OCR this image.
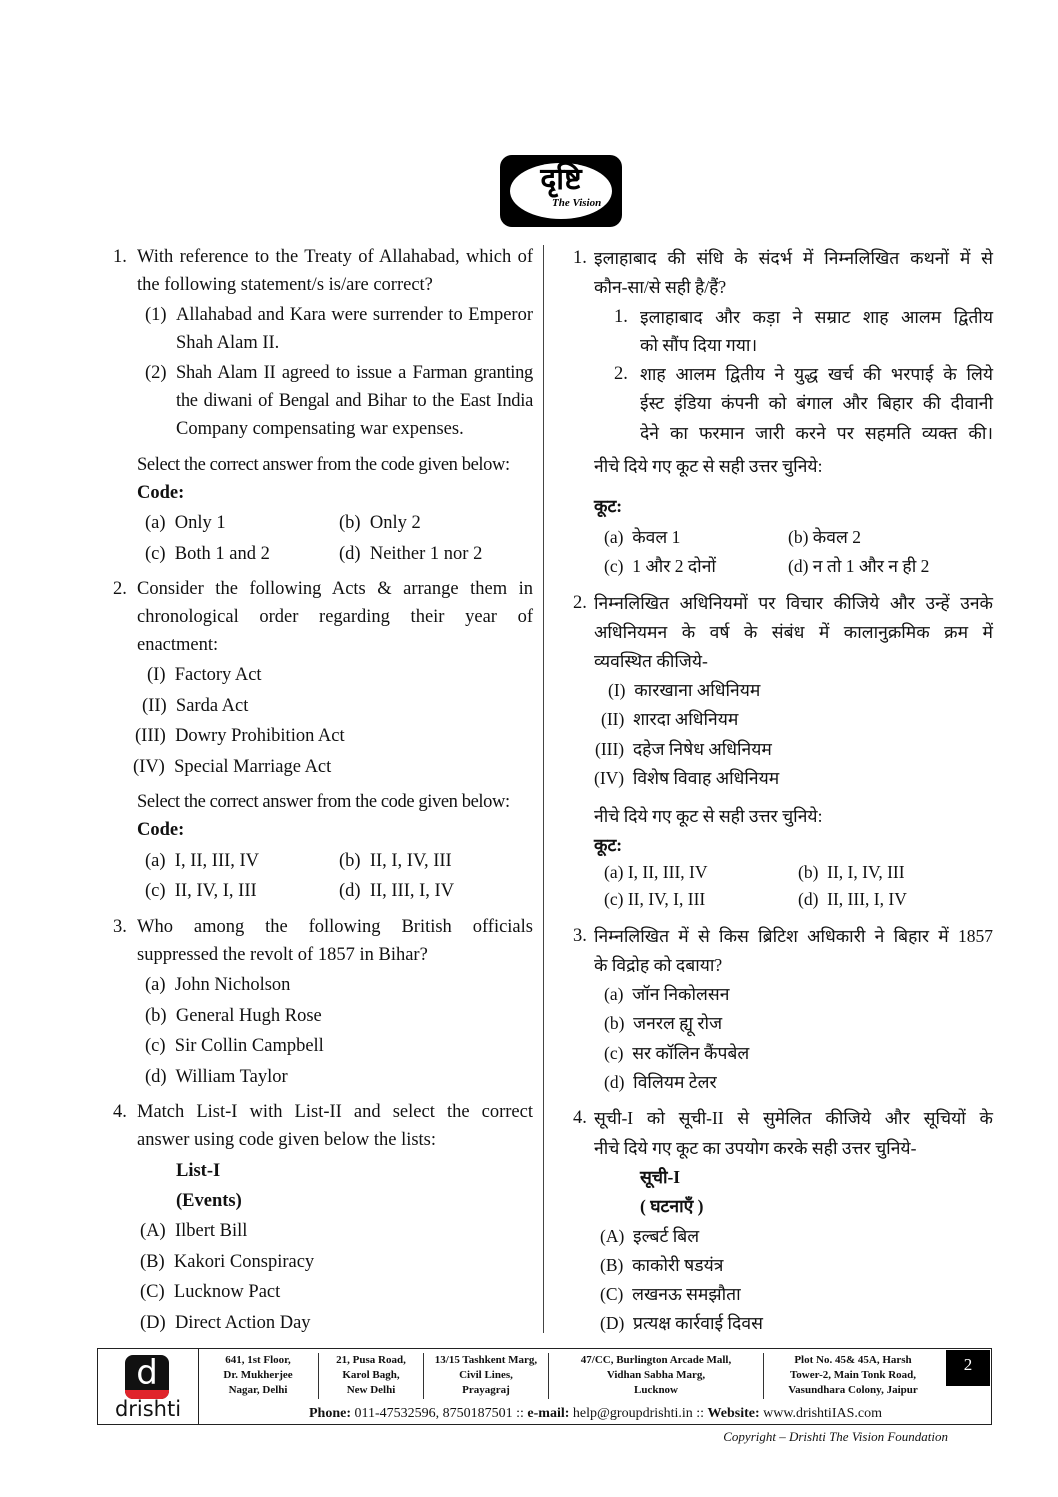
दृष्टि
The Vision
1. With reference to the Treaty of Allahabad, which of
the following statement/s is/are correct?
(1) Allahabad and Kara were surrender to Emperor
Shah Alam II.
(2) Shah Alam II agreed to issue a Farman granting
the diwani of Bengal and Bihar to the East India
Company compensating war expenses.
Select the correct answer from the code given below:
Code:
(a) Only 1	(b) Only 2
(c) Both 1 and 2	(d) Neither 1 nor 2
2. Consider the following Acts & arrange them in
chronological order regarding their year of
enactment:
(I) Factory Act
(II) Sarda Act
(III) Dowry Prohibition Act
(IV) Special Marriage Act
Select the correct answer from the code given below:
Code:
(a) I, II, III, IV	(b) II, I, IV, III
(c) II, IV, I, III	(d) II, III, I, IV
3. Who among the following British officials
suppressed the revolt of 1857 in Bihar?
(a) John Nicholson
(b) General Hugh Rose
(c) Sir Collin Campbell
(d) William Taylor
4. Match List-I with List-II and select the correct
answer using code given below the lists:
List-I
(Events)
(A) Ilbert Bill
(B) Kakori Conspiracy
(C) Lucknow Pact
(D) Direct Action Day
1. इलाहाबाद की संधि के संदर्भ में निम्नलिखित कथनों में से
कौन-सा/से सही है/हैं?
1. इलाहाबाद और कड़ा ने सम्राट शाह आलम द्वितीय
को सौंप दिया गया।
2. शाह आलम द्वितीय ने युद्ध खर्च की भरपाई के लिये
ईस्ट इंडिया कंपनी को बंगाल और बिहार की दीवानी
देने का फरमान जारी करने पर सहमति व्यक्त की।
नीचे दिये गए कूट से सही उत्तर चुनिये:
कूट:
(a) केवल 1	(b) केवल 2
(c) 1 और 2 दोनों	(d) न तो 1 और न ही 2
2. निम्नलिखित अधिनियमों पर विचार कीजिये और उन्हें उनके
अधिनियमन के वर्ष के संबंध में कालानुक्रमिक क्रम में
व्यवस्थित कीजिये-
(I) कारखाना अधिनियम
(II) शारदा अधिनियम
(III) दहेज निषेध अधिनियम
(IV) विशेष विवाह अधिनियम
नीचे दिये गए कूट से सही उत्तर चुनिये:
कूट:
(a) I, II, III, IV	(b) II, I, IV, III
(c) II, IV, I, III	(d) II, III, I, IV
3. निम्नलिखित में से किस ब्रिटिश अधिकारी ने बिहार में 1857
के विद्रोह को दबाया?
(a) जॉन निकोलसन
(b) जनरल ह्यू रोज
(c) सर कॉलिन कैंपबेल
(d) विलियम टेलर
4. सूची-I को सूची-II से सुमेलित कीजिये और सूचियों के
नीचे दिये गए कूट का उपयोग करके सही उत्तर चुनिये-
सूची-I
( घटनाएँ )
(A) इल्बर्ट बिल
(B) काकोरी षडयंत्र
(C) लखनऊ समझौता
(D) प्रत्यक्ष कार्रवाई दिवस
d
drishti
641, 1st Floor,
Dr. Mukherjee
Nagar, Delhi
21, Pusa Road,
Karol Bagh,
New Delhi
13/15 Tashkent Marg,
Civil Lines,
Prayagraj
47/CC, Burlington Arcade Mall,
Vidhan Sabha Marg,
Lucknow
Plot No. 45& 45A, Harsh
Tower-2, Main Tonk Road,
Vasundhara Colony, Jaipur
Phone: 011-47532596, 8750187501 :: e-mail: help@groupdrishti.in :: Website: www.drishtiIAS.com
2
Copyright – Drishti The Vision Foundation
